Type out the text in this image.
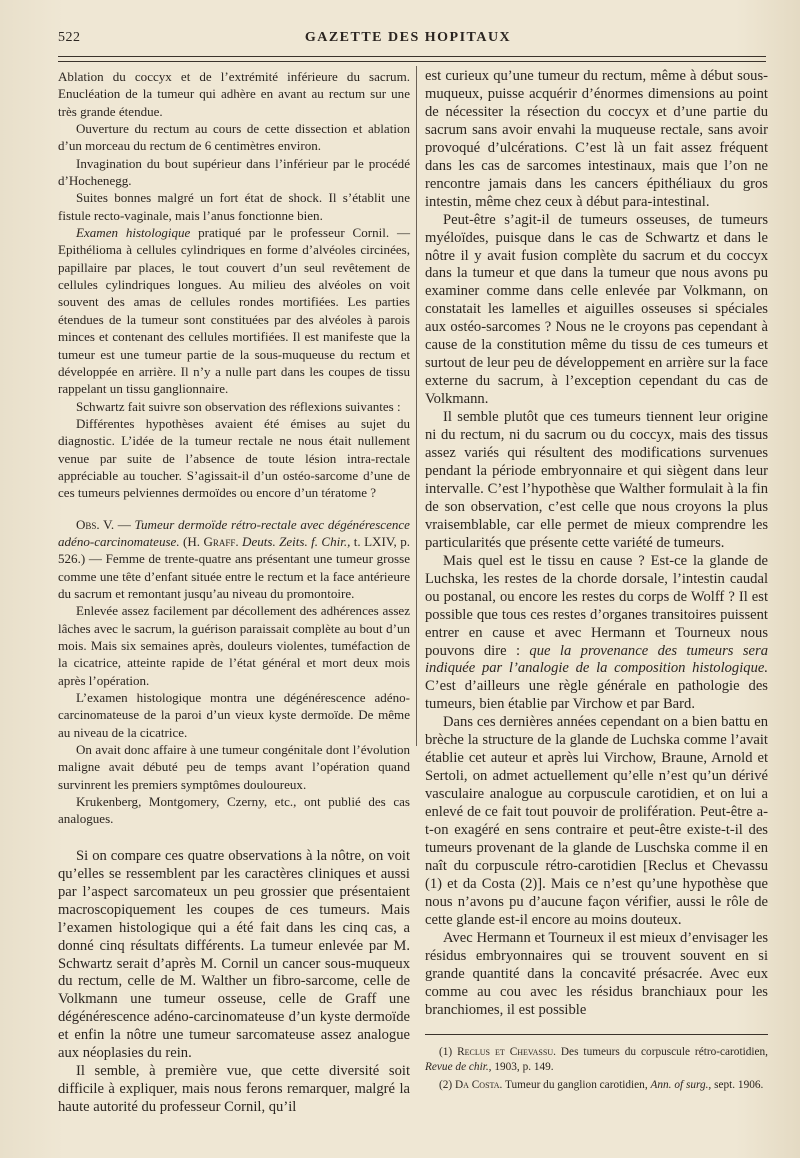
522	GAZETTE DES HOPITAUX

Ablation du coccyx et de l’extrémité inférieure du sacrum. Enucléation de la tumeur qui adhère en avant au rectum sur une très grande étendue.

Ouverture du rectum au cours de cette dissection et ablation d’un morceau du rectum de 6 centimètres environ.

Invagination du bout supérieur dans l’inférieur par le procédé d’Hochenegg.

Suites bonnes malgré un fort état de shock. Il s’établit une fistule recto-vaginale, mais l’anus fonctionne bien.

Examen histologique pratiqué par le professeur Cornil. — Epithélioma à cellules cylindriques en forme d’alvéoles circinées, papillaire par places, le tout couvert d’un seul revêtement de cellules cylindriques longues. Au milieu des alvéoles on voit souvent des amas de cellules rondes mortifiées. Les parties étendues de la tumeur sont constituées par des alvéoles à parois minces et contenant des cellules mortifiées. Il est manifeste que la tumeur est une tumeur partie de la sous-muqueuse du rectum et développée en arrière. Il n’y a nulle part dans les coupes de tissu rappelant un tissu ganglionnaire.

Schwartz fait suivre son observation des réflexions suivantes :

Différentes hypothèses avaient été émises au sujet du diagnostic. L’idée de la tumeur rectale ne nous était nullement venue par suite de l’absence de toute lésion intra-rectale appréciable au toucher. S’agissait-il d’un ostéo-sarcome d’une de ces tumeurs pelviennes dermoïdes ou encore d’un tératome ?

Obs. V. — Tumeur dermoïde rétro-rectale avec dégénérescence adéno-carcinomateuse. (H. Graff. Deuts. Zeits. f. Chir., t. LXIV, p. 526.) — Femme de trente-quatre ans présentant une tumeur grosse comme une tête d’enfant située entre le rectum et la face antérieure du sacrum et remontant jusqu’au niveau du promontoire.

Enlevée assez facilement par décollement des adhérences assez lâches avec le sacrum, la guérison paraissait complète au bout d’un mois. Mais six semaines après, douleurs violentes, tuméfaction de la cicatrice, atteinte rapide de l’état général et mort deux mois après l’opération.

L’examen histologique montra une dégénérescence adéno-carcinomateuse de la paroi d’un vieux kyste dermoïde. De même au niveau de la cicatrice.

On avait donc affaire à une tumeur congénitale dont l’évolution maligne avait débuté peu de temps avant l’opération quand survinrent les premiers symptômes douloureux.

Krukenberg, Montgomery, Czerny, etc., ont publié des cas analogues.

Si on compare ces quatre observations à la nôtre, on voit qu’elles se ressemblent par les caractères cliniques et aussi par l’aspect sarcomateux un peu grossier que présentaient macroscopiquement les coupes de ces tumeurs. Mais l’examen histologique qui a été fait dans les cinq cas, a donné cinq résultats différents. La tumeur enlevée par M. Schwartz serait d’après M. Cornil un cancer sous-muqueux du rectum, celle de M. Walther un fibro-sarcome, celle de Volkmann une tumeur osseuse, celle de Graff une dégénérescence adéno-carcinomateuse d’un kyste dermoïde et enfin la nôtre une tumeur sarcomateuse assez analogue aux néoplasies du rein.

Il semble, à première vue, que cette diversité soit difficile à expliquer, mais nous ferons remarquer, malgré la haute autorité du professeur Cornil, qu’il

est curieux qu’une tumeur du rectum, même à début sous-muqueux, puisse acquérir d’énormes dimensions au point de nécessiter la résection du coccyx et d’une partie du sacrum sans avoir envahi la muqueuse rectale, sans avoir provoqué d’ulcérations. C’est là un fait assez fréquent dans les cas de sarcomes intestinaux, mais que l’on ne rencontre jamais dans les cancers épithéliaux du gros intestin, même chez ceux à début para-intestinal.

Peut-être s’agit-il de tumeurs osseuses, de tumeurs myéloïdes, puisque dans le cas de Schwartz et dans le nôtre il y avait fusion complète du sacrum et du coccyx dans la tumeur et que dans la tumeur que nous avons pu examiner comme dans celle enlevée par Volkmann, on constatait les lamelles et aiguilles osseuses si spéciales aux ostéo-sarcomes ? Nous ne le croyons pas cependant à cause de la constitution même du tissu de ces tumeurs et surtout de leur peu de développement en arrière sur la face externe du sacrum, à l’exception cependant du cas de Volkmann.

Il semble plutôt que ces tumeurs tiennent leur origine ni du rectum, ni du sacrum ou du coccyx, mais des tissus assez variés qui résultent des modifications survenues pendant la période embryonnaire et qui siègent dans leur intervalle. C’est l’hypothèse que Walther formulait à la fin de son observation, c’est celle que nous croyons la plus vraisemblable, car elle permet de mieux comprendre les particularités que présente cette variété de tumeurs.

Mais quel est le tissu en cause ? Est-ce la glande de Luchska, les restes de la chorde dorsale, l’intestin caudal ou postanal, ou encore les restes du corps de Wolff ? Il est possible que tous ces restes d’organes transitoires puissent entrer en cause et avec Hermann et Tourneux nous pouvons dire : que la provenance des tumeurs sera indiquée par l’analogie de la composition histologique. C’est d’ailleurs une règle générale en pathologie des tumeurs, bien établie par Virchow et par Bard.

Dans ces dernières années cependant on a bien battu en brèche la structure de la glande de Luchska comme l’avait établie cet auteur et après lui Virchow, Braune, Arnold et Sertoli, on admet actuellement qu’elle n’est qu’un dérivé vasculaire analogue au corpuscule carotidien, et on lui a enlevé de ce fait tout pouvoir de prolifération. Peut-être a-t-on exagéré en sens contraire et peut-être existe-t-il des tumeurs provenant de la glande de Luschska comme il en naît du corpuscule rétro-carotidien [Reclus et Chevassu (1) et da Costa (2)]. Mais ce n’est qu’une hypothèse que nous n’avons pu d’aucune façon vérifier, aussi le rôle de cette glande est-il encore au moins douteux.

Avec Hermann et Tourneux il est mieux d’envisager les résidus embryonnaires qui se trouvent souvent en si grande quantité dans la concavité présacrée. Avec eux comme au cou avec les résidus branchiaux pour les branchiomes, il est possible

(1) Reclus et Chevassu. Des tumeurs du corpuscule rétro-carotidien, Revue de chir., 1903, p. 149.

(2) Da Costa. Tumeur du ganglion carotidien, Ann. of surg., sept. 1906.
